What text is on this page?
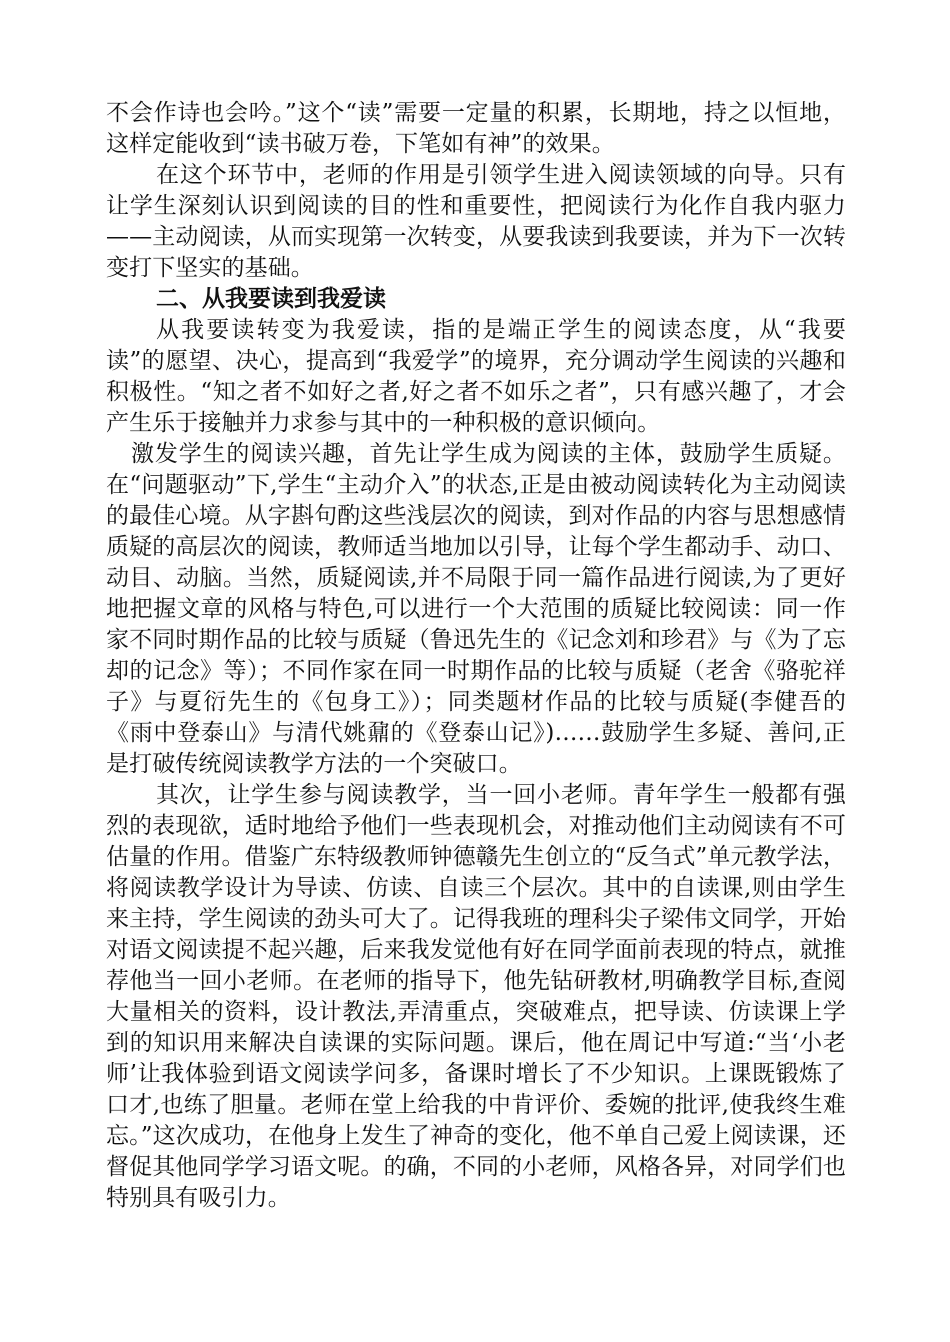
不会作诗也会吟。”这个“读”需要一定量的积累，长期地，持之以恒地，这样定能收到“读书破万卷，下笔如有神”的效果。

在这个环节中，老师的作用是引领学生进入阅读领域的向导。只有让学生深刻认识到阅读的目的性和重要性，把阅读行为化作自我内驱力——主动阅读，从而实现第一次转变，从要我读到我要读，并为下一次转变打下坚实的基础。

二、从我要读到我爱读

从我要读转变为我爱读，指的是端正学生的阅读态度，从“我要读”的愿望、决心，提高到“我爱学”的境界，充分调动学生阅读的兴趣和积极性。“知之者不如好之者,好之者不如乐之者”，只有感兴趣了，才会产生乐于接触并力求参与其中的一种积极的意识倾向。

激发学生的阅读兴趣，首先让学生成为阅读的主体，鼓励学生质疑。在“问题驱动”下,学生“主动介入”的状态,正是由被动阅读转化为主动阅读的最佳心境。从字斟句酌这些浅层次的阅读，到对作品的内容与思想感情质疑的高层次的阅读，教师适当地加以引导，让每个学生都动手、动口、动目、动脑。当然，质疑阅读,并不局限于同一篇作品进行阅读,为了更好地把握文章的风格与特色,可以进行一个大范围的质疑比较阅读：同一作家不同时期作品的比较与质疑（鲁迅先生的《记念刘和珍君》与《为了忘却的记念》等）；不同作家在同一时期作品的比较与质疑（老舍《骆驼祥子》与夏衍先生的《包身工》）；同类题材作品的比较与质疑(李健吾的《雨中登泰山》与清代姚鼐的《登泰山记》)……鼓励学生多疑、善问,正是打破传统阅读教学方法的一个突破口。

其次，让学生参与阅读教学，当一回小老师。青年学生一般都有强烈的表现欲，适时地给予他们一些表现机会，对推动他们主动阅读有不可估量的作用。借鉴广东特级教师钟德赣先生创立的“反刍式”单元教学法，将阅读教学设计为导读、仿读、自读三个层次。其中的自读课,则由学生来主持，学生阅读的劲头可大了。记得我班的理科尖子梁伟文同学，开始对语文阅读提不起兴趣，后来我发觉他有好在同学面前表现的特点，就推荐他当一回小老师。在老师的指导下，他先钻研教材,明确教学目标,查阅大量相关的资料，设计教法,弄清重点，突破难点，把导读、仿读课上学到的知识用来解决自读课的实际问题。课后，他在周记中写道:“当‘小老师’让我体验到语文阅读学问多，备课时增长了不少知识。上课既锻炼了口才,也练了胆量。老师在堂上给我的中肯评价、委婉的批评,使我终生难忘。”这次成功，在他身上发生了神奇的变化，他不单自己爱上阅读课，还督促其他同学学习语文呢。的确，不同的小老师，风格各异，对同学们也特别具有吸引力。
